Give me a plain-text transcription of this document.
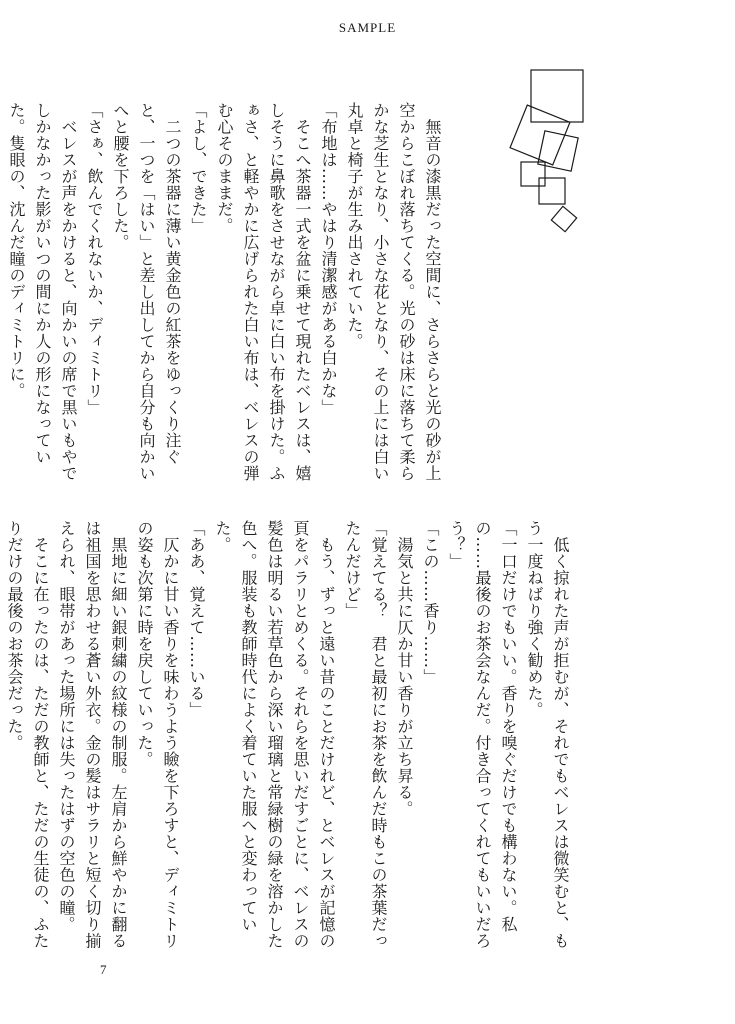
SAMPLE

　無音の漆黒だった空間に、さらさらと光の砂が上空からこぼれ落ちてくる。光の砂は床に落ちて柔らかな芝生となり、小さな花となり、その上には白い丸卓と椅子が生み出されていた。

「布地は……やはり清潔感がある白かな」

　そこへ茶器一式を盆に乗せて現れたベレスは、嬉しそうに鼻歌をさせながら卓に白い布を掛けた。ふぁさ、と軽やかに広げられた白い布は、ベレスの弾む心そのままだ。

「よし、できた」

　二つの茶器に薄い黄金色の紅茶をゆっくり注ぐと、一つを「はい」と差し出してから自分も向かいへと腰を下ろした。

「さぁ、飲んでくれないか、ディミトリ」

　ベレスが声をかけると、向かいの席で黒いもやでしかなかった影がいつの間にか人の形になっていた。隻眼の、沈んだ瞳のディミトリに。

　低く掠れた声が拒むが、それでもベレスは微笑むと、もう一度ねばり強く勧めた。

「一口だけでもいい。香りを嗅ぐだけでも構わない。私の……最後のお茶会なんだ。付き合ってくれてもいいだろう？」

「この……香り……」

　湯気と共に仄か甘い香りが立ち昇る。

「覚えてる？　君と最初にお茶を飲んだ時もこの茶葉だったんだけど」

　もう、ずっと遠い昔のことだけれど、とベレスが記憶の頁をパラリとめくる。それらを思いだすごとに、ベレスの髪色は明るい若草色から深い瑠璃と常緑樹の緑を溶かした色へ。服装も教師時代によく着ていた服へと変わっていた。

「ああ、覚えて……いる」

　仄かに甘い香りを味わうよう瞼を下ろすと、ディミトリの姿も次第に時を戻していった。

　黒地に細い銀刺繍の紋様の制服。左肩から鮮やかに翻るは祖国を思わせる蒼い外衣。金の髪はサラリと短く切り揃えられ、眼帯があった場所には失ったはずの空色の瞳。

　そこに在ったのは、ただの教師と、ただの生徒の、ふたりだけの最後のお茶会だった。

7
